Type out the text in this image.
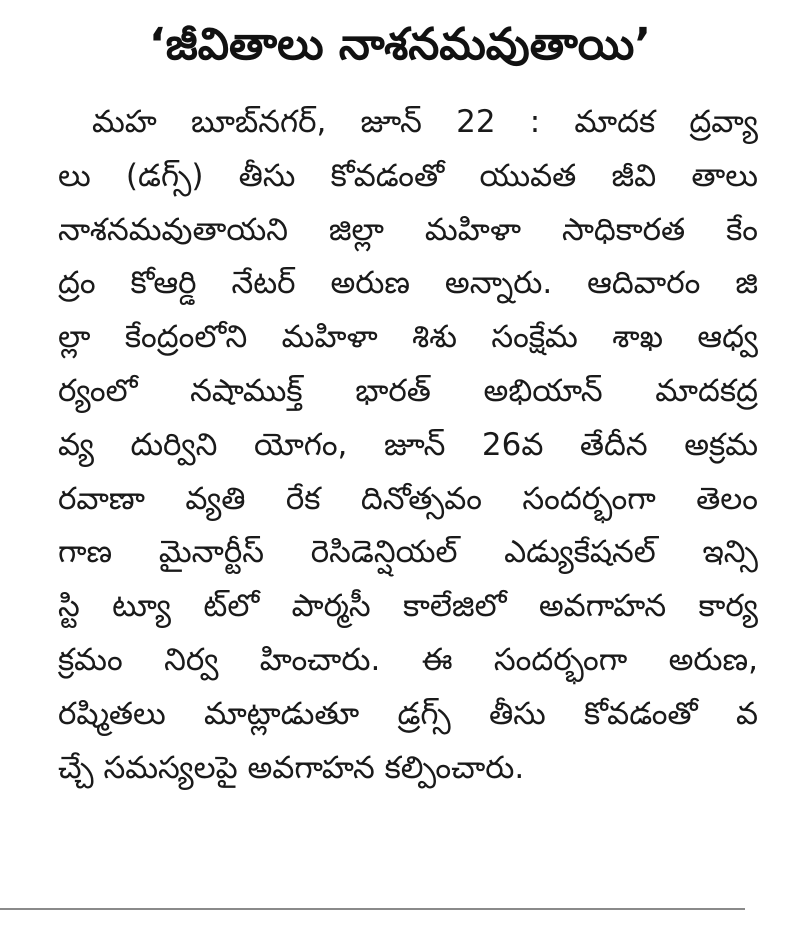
‘జీవితాలు నాశనమవుతాయి’
మహ బూబ్‌నగర్, జూన్ 22 : మాదక ద్రవ్యా
లు (డగ్స్) తీసు కోవడంతో యువత జీవి తాలు
నాశనమవుతాయని జిల్లా మహిళా సాధికారత కేం
ద్రం కోఆర్డి నేటర్ అరుణ అన్నారు. ఆదివారం జి
ల్లా కేంద్రంలోని మహిళా శిశు సంక్షేమ శాఖ ఆధ్వ
ర్యంలో నషాముక్త్ భారత్ అభియాన్ మాదకద్ర
వ్య దుర్విని యోగం, జూన్ 26వ తేదీన అక్రమ
రవాణా వ్యతి రేక దినోత్సవం సందర్భంగా తెలం
గాణ మైనార్టీస్ రెసిడెన్షియల్ ఎడ్యుకేషనల్ ఇన్సి
స్టి ట్యూ ట్‌లో పార్మసీ కాలేజిలో అవగాహన కార్య
క్రమం నిర్వ హించారు. ఈ సందర్భంగా అరుణ,
రష్మితలు మాట్లాడుతూ డ్రగ్స్ తీసు కోవడంతో వ
చ్చే సమస్యలపై అవగాహన కల్పించారు.
